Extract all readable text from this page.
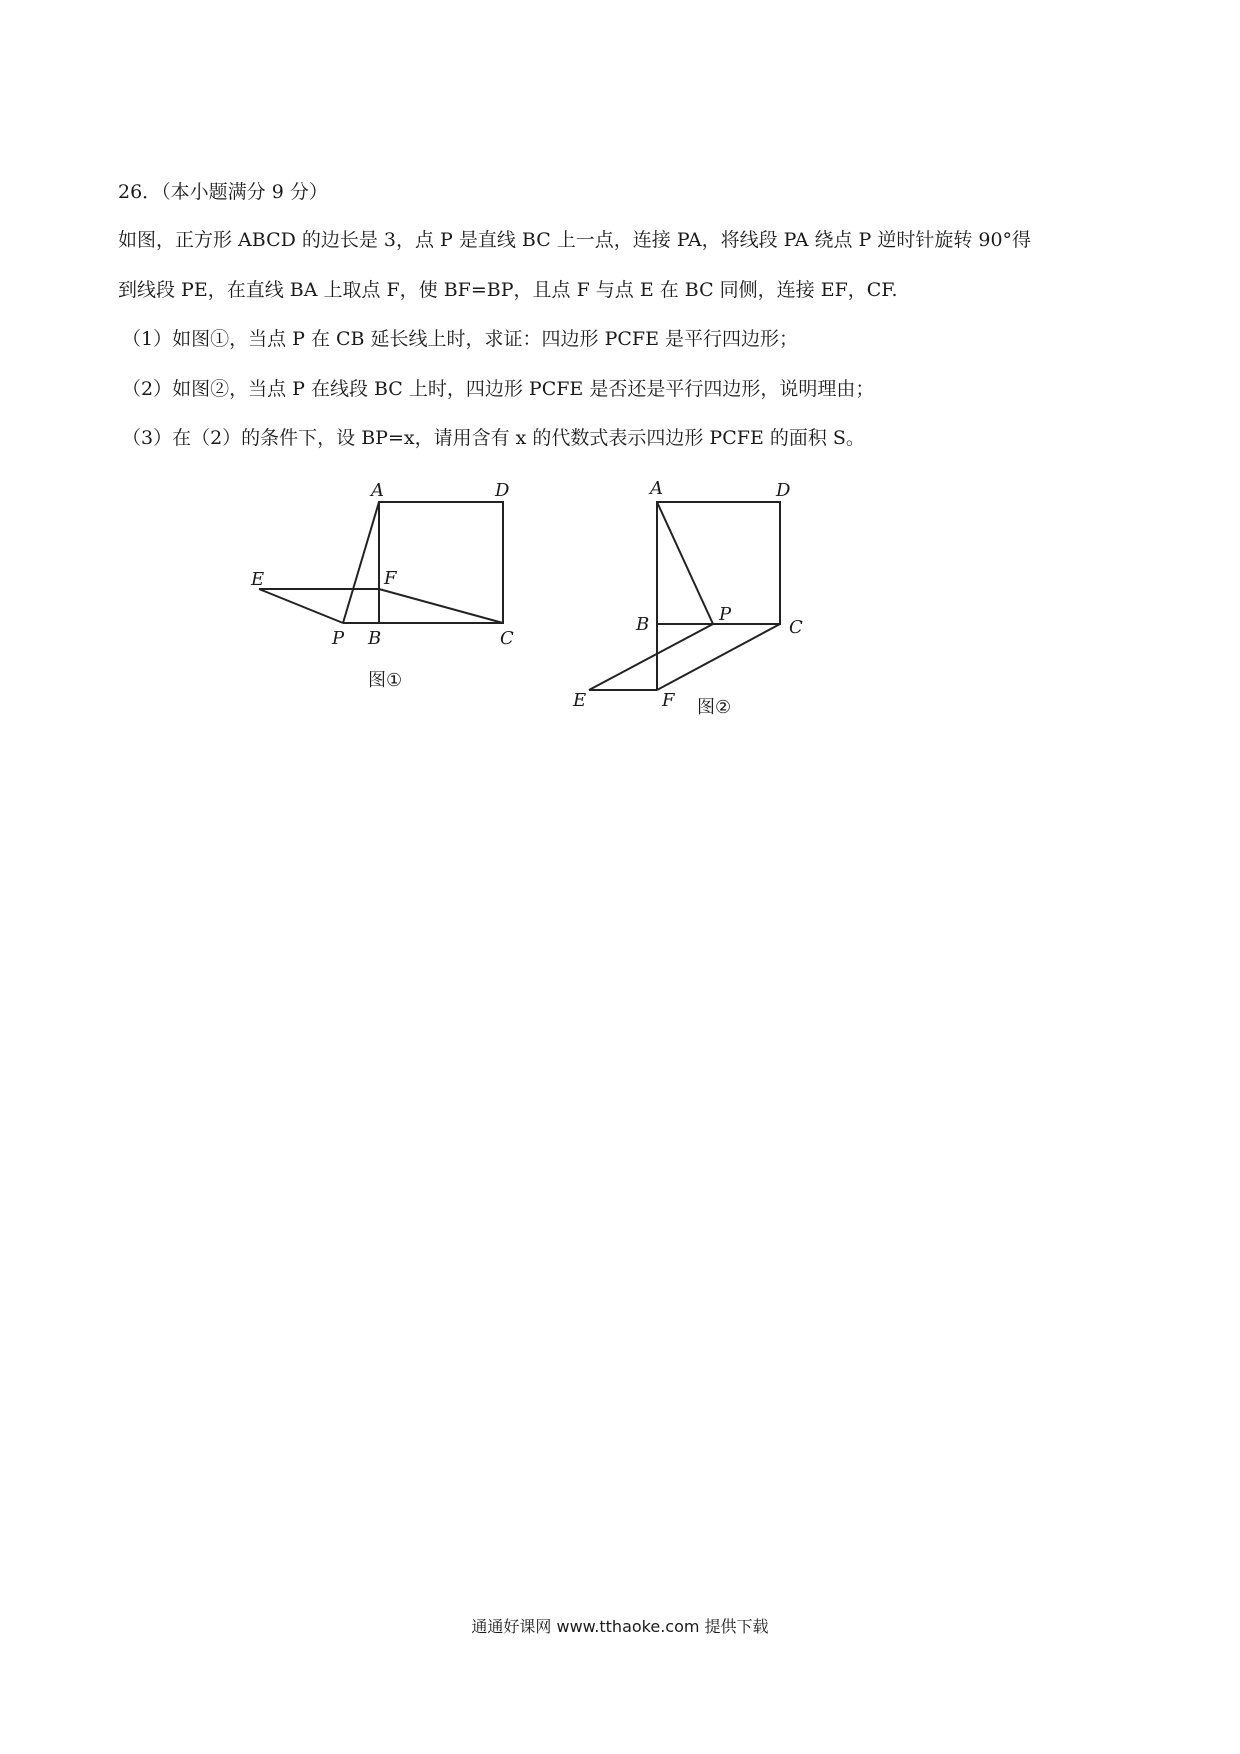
26．（本小题满分 9 分）
如图，正方形 ABCD 的边长是 3，点 P 是直线 BC 上一点，连接 PA，将线段 PA 绕点 P 逆时针旋转 90°得
到线段 PE，在直线 BA 上取点 F，使 BF=BP，且点 F 与点 E 在 BC 同侧，连接 EF，CF.
（1）如图①，当点 P 在 CB 延长线上时，求证：四边形 PCFE 是平行四边形；
（2）如图②，当点 P 在线段 BC 上时，四边形 PCFE 是否还是平行四边形，说明理由；
（3）在（2）的条件下，设 BP=x，请用含有 x 的代数式表示四边形 PCFE 的面积 S。
A	D
E	F
P B	C
图①
A	D
B	P
C
E	F 图②
通通好课网 www.tthaoke.com 提供下载
